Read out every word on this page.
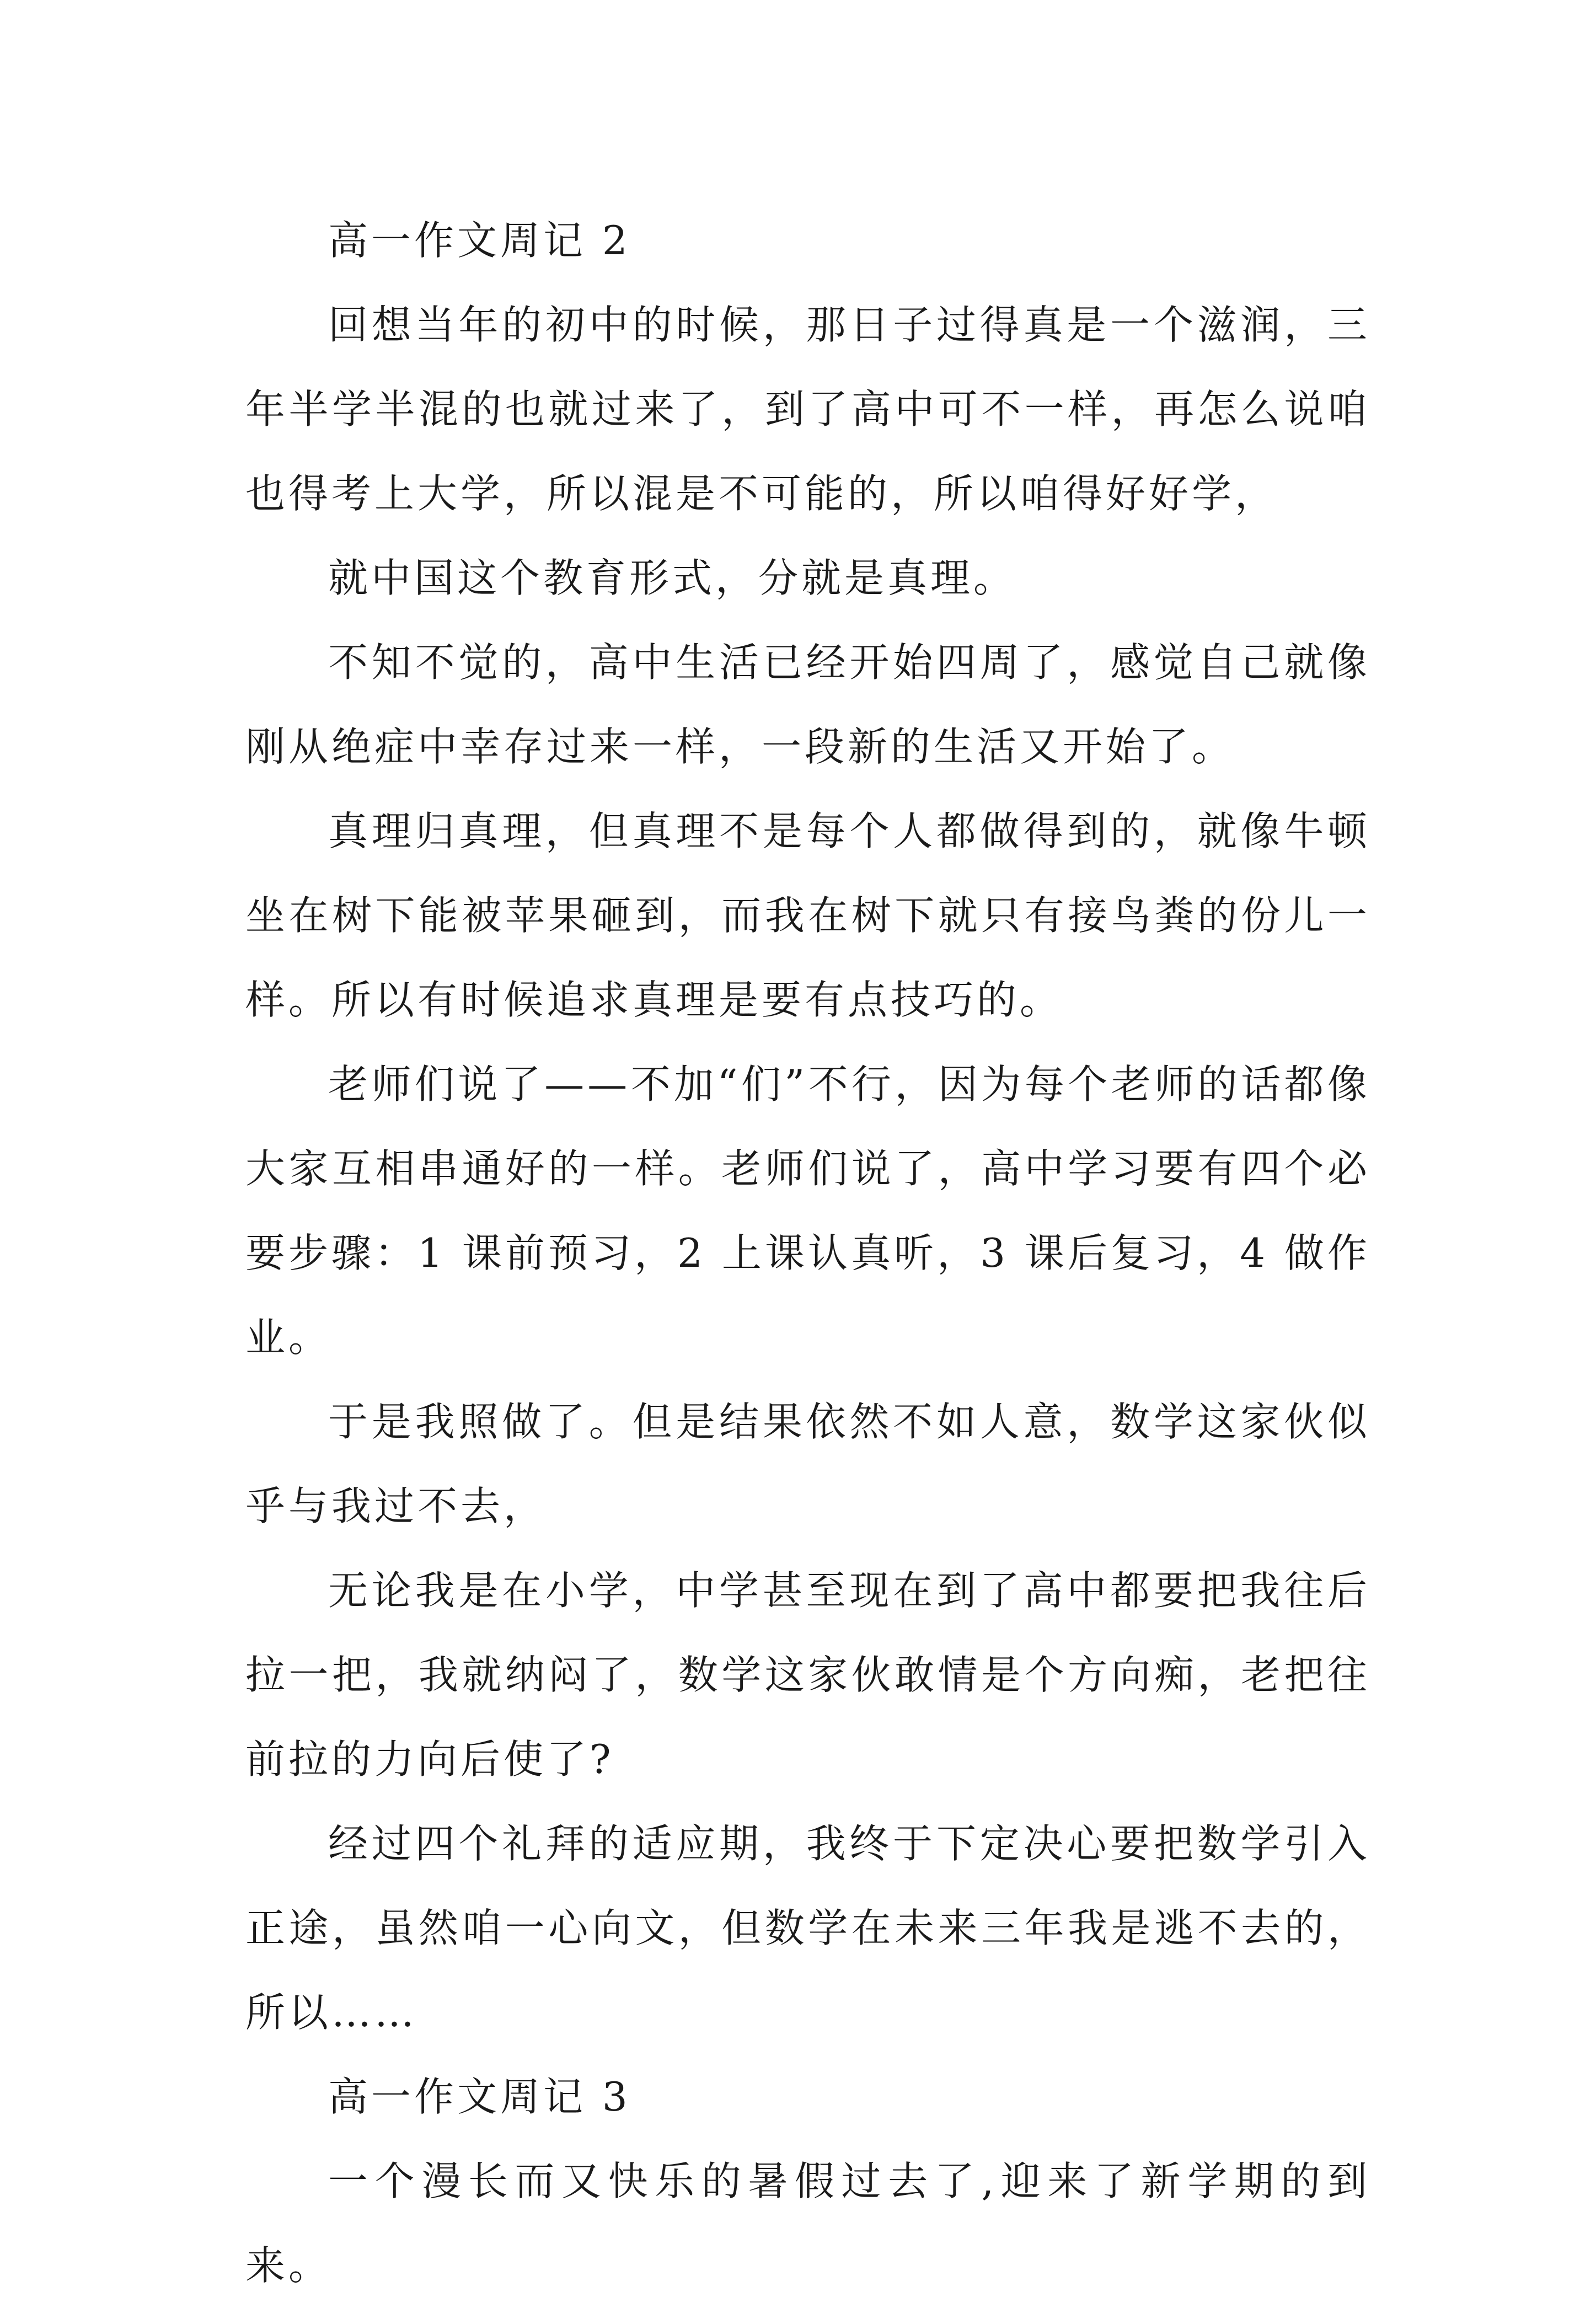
高一作文周记 2

回想当年的初中的时候，那日子过得真是一个滋润，三年半学半混的也就过来了，到了高中可不一样，再怎么说咱也得考上大学，所以混是不可能的，所以咱得好好学，

就中国这个教育形式，分就是真理。

不知不觉的，高中生活已经开始四周了，感觉自己就像刚从绝症中幸存过来一样，一段新的生活又开始了。

真理归真理，但真理不是每个人都做得到的，就像牛顿坐在树下能被苹果砸到，而我在树下就只有接鸟粪的份儿一样。所以有时候追求真理是要有点技巧的。

老师们说了——不加“们”不行，因为每个老师的话都像大家互相串通好的一样。老师们说了，高中学习要有四个必要步骤：1 课前预习，2 上课认真听，3 课后复习，4 做作业。

于是我照做了。但是结果依然不如人意，数学这家伙似乎与我过不去，

无论我是在小学，中学甚至现在到了高中都要把我往后拉一把，我就纳闷了，数学这家伙敢情是个方向痴，老把往前拉的力向后使了?

经过四个礼拜的适应期，我终于下定决心要把数学引入正途，虽然咱一心向文，但数学在未来三年我是逃不去的，所以……

高一作文周记 3

一个漫长而又快乐的暑假过去了,迎来了新学期的到来。
